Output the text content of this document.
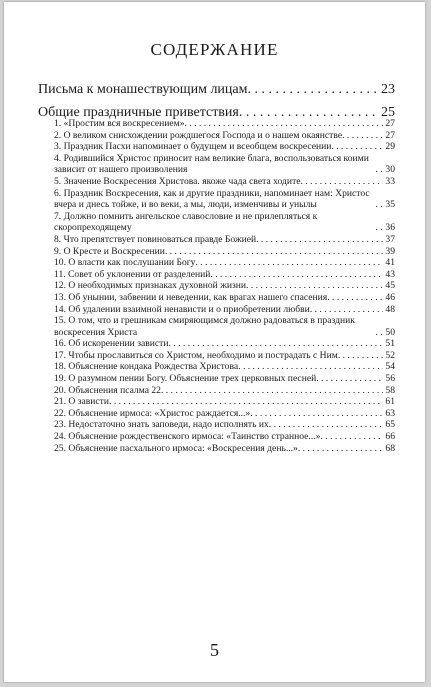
СОДЕРЖАНИЕ
Письма к монашествующим лицам . . .	23
Общие праздничные приветствия . . .	25
1. «Простим вся воскресением» . . .	27
2. О великом снисхождении рождшегося Господа и о нашем окаянстве . . .	27
3. Праздник Пасхи напоминает о будущем и всеобщем воскресении . . .	29
4. Родившийся Христос приносит нам великие блага, воспользоваться коими зависит от нашего произволения . . .	30
5. Значение Воскресения Христова. якоже чада света ходите . . .	33
6. Праздник Воскресения, как и другие праздники, напоминает нам: Христос вчера и днесь тойже, и во веки, а мы, люди, изменчивы и унылы . . .	35
7. Должно помнить ангельское славословие и не прилепляться к скоропреходящему . . .	36
8. Что препятствует повиноваться правде Божией . . .	37
9. О Кресте и Воскресении . . .	39
10. О власти как послушании Богу . . .	41
11. Совет об уклонении от разделений . . .	43
12. О необходимых признаках духовной жизни . . .	45
13. Об унынии, забвении и неведении, как врагах нашего спасения . . .	46
14. Об удалении взаимной ненависти и о приобретении любви . . .	48
15. О том, что и грешникам смиряющимся должно радоваться в праздник воскресения Христа . . .	50
16. Об искоренении зависти . . .	51
17. Чтобы прославиться со Христом, необходимо и пострадать с Ним . . .	52
18. Объяснение кондака Рождества Христова . . .	54
19. О разумном пении Богу. Объяснение трех церковных песней . . .	56
20. Объяснения псалма 22 . . .	58
21. О зависти . . .	61
22. Объяснение ирмоса: «Христос раждается...» . . .	63
23. Недостаточно знать заповеди, надо исполнять их . . .	65
24. Объяснение рождественского ирмоса: «Таинство странное...» . . .	66
25. Объяснение пасхального ирмоса: «Воскресения день...» . . .	68
5
